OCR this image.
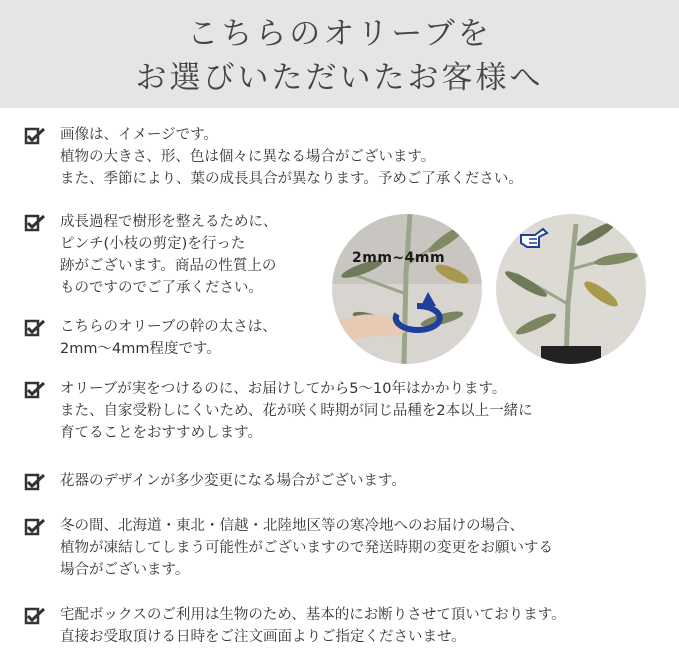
こちらのオリーブを
お選びいただいたお客様へ
画像は、イメージです。
植物の大きさ、形、色は個々に異なる場合がございます。
また、季節により、葉の成長具合が異なります。予めご了承ください。
成長過程で樹形を整えるために、
ピンチ(小枝の剪定)を行った
跡がございます。商品の性質上の
ものですのでご了承ください。
こちらのオリーブの幹の太さは、
2mm～4mm程度です。
オリーブが実をつけるのに、お届けしてから5～10年はかかります。
また、自家受粉しにくいため、花が咲く時期が同じ品種を2本以上一緒に
育てることをおすすめします。
花器のデザインが多少変更になる場合がございます。
冬の間、北海道・東北・信越・北陸地区等の寒冷地へのお届けの場合、
植物が凍結してしまう可能性がございますので発送時期の変更をお願いする
場合がございます。
宅配ボックスのご利用は生物のため、基本的にお断りさせて頂いております。
直接お受取頂ける日時をご注文画面よりご指定くださいませ。
2mm~4mm
